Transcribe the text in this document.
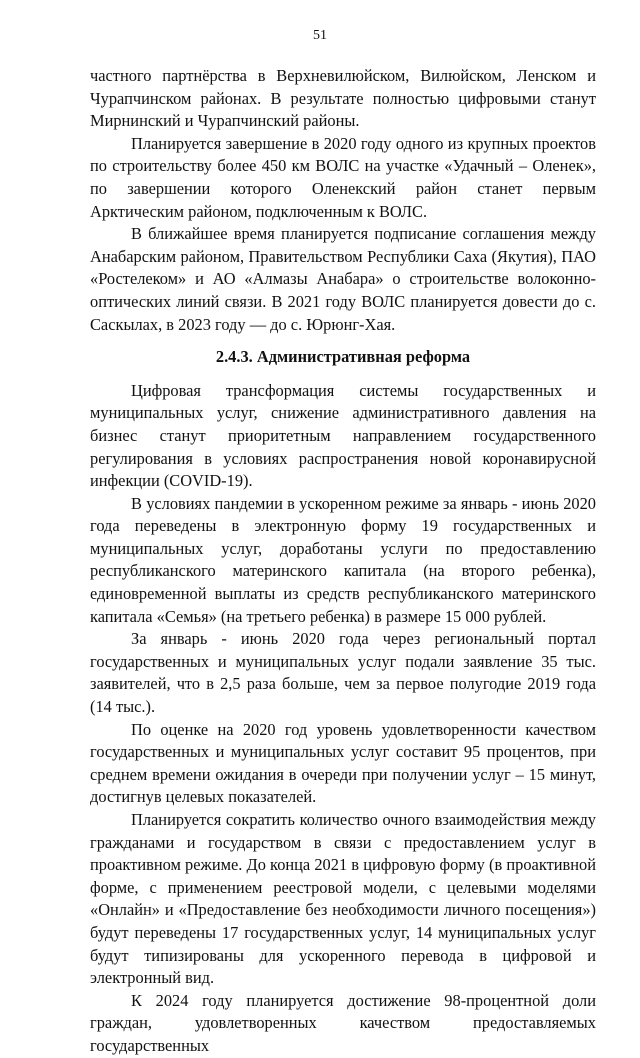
51

частного партнёрства в Верхневилюйском, Вилюйском, Ленском и Чурапчинском районах. В результате полностью цифровыми станут Мирнинский и Чурапчинский районы.

Планируется завершение в 2020 году одного из крупных проектов по строительству более 450 км ВОЛС на участке «Удачный – Оленек», по завершении которого Оленекский район станет первым Арктическим районом, подключенным к ВОЛС.

В ближайшее время планируется подписание соглашения между Анабарским районом, Правительством Республики Саха (Якутия), ПАО «Ростелеком» и АО «Алмазы Анабара» о строительстве волоконно-оптических линий связи. В 2021 году ВОЛС планируется довести до с. Саскылах, в 2023 году — до с. Юрюнг-Хая.

2.4.3. Административная реформа

Цифровая трансформация системы государственных и муниципальных услуг, снижение административного давления на бизнес станут приоритетным направлением государственного регулирования в условиях распространения новой коронавирусной инфекции (COVID-19).

В условиях пандемии в ускоренном режиме за январь - июнь 2020 года переведены в электронную форму 19 государственных и муниципальных услуг, доработаны услуги по предоставлению республиканского материнского капитала (на второго ребенка), единовременной выплаты из средств республиканского материнского капитала «Семья» (на третьего ребенка) в размере 15 000 рублей.

За январь - июнь 2020 года через региональный портал государственных и муниципальных услуг подали заявление 35 тыс. заявителей, что в 2,5 раза больше, чем за первое полугодие 2019 года (14 тыс.).

По оценке на 2020 год уровень удовлетворенности качеством государственных и муниципальных услуг составит 95 процентов, при среднем времени ожидания в очереди при получении услуг – 15 минут, достигнув целевых показателей.

Планируется сократить количество очного взаимодействия между гражданами и государством в связи с предоставлением услуг в проактивном режиме. До конца 2021 в цифровую форму (в проактивной форме, с применением реестровой модели, с целевыми моделями «Онлайн» и «Предоставление без необходимости личного посещения») будут переведены 17 государственных услуг, 14 муниципальных услуг будут типизированы для ускоренного перевода в цифровой и электронный вид.

К 2024 году планируется достижение 98-процентной доли граждан, удовлетворенных качеством предоставляемых государственных
